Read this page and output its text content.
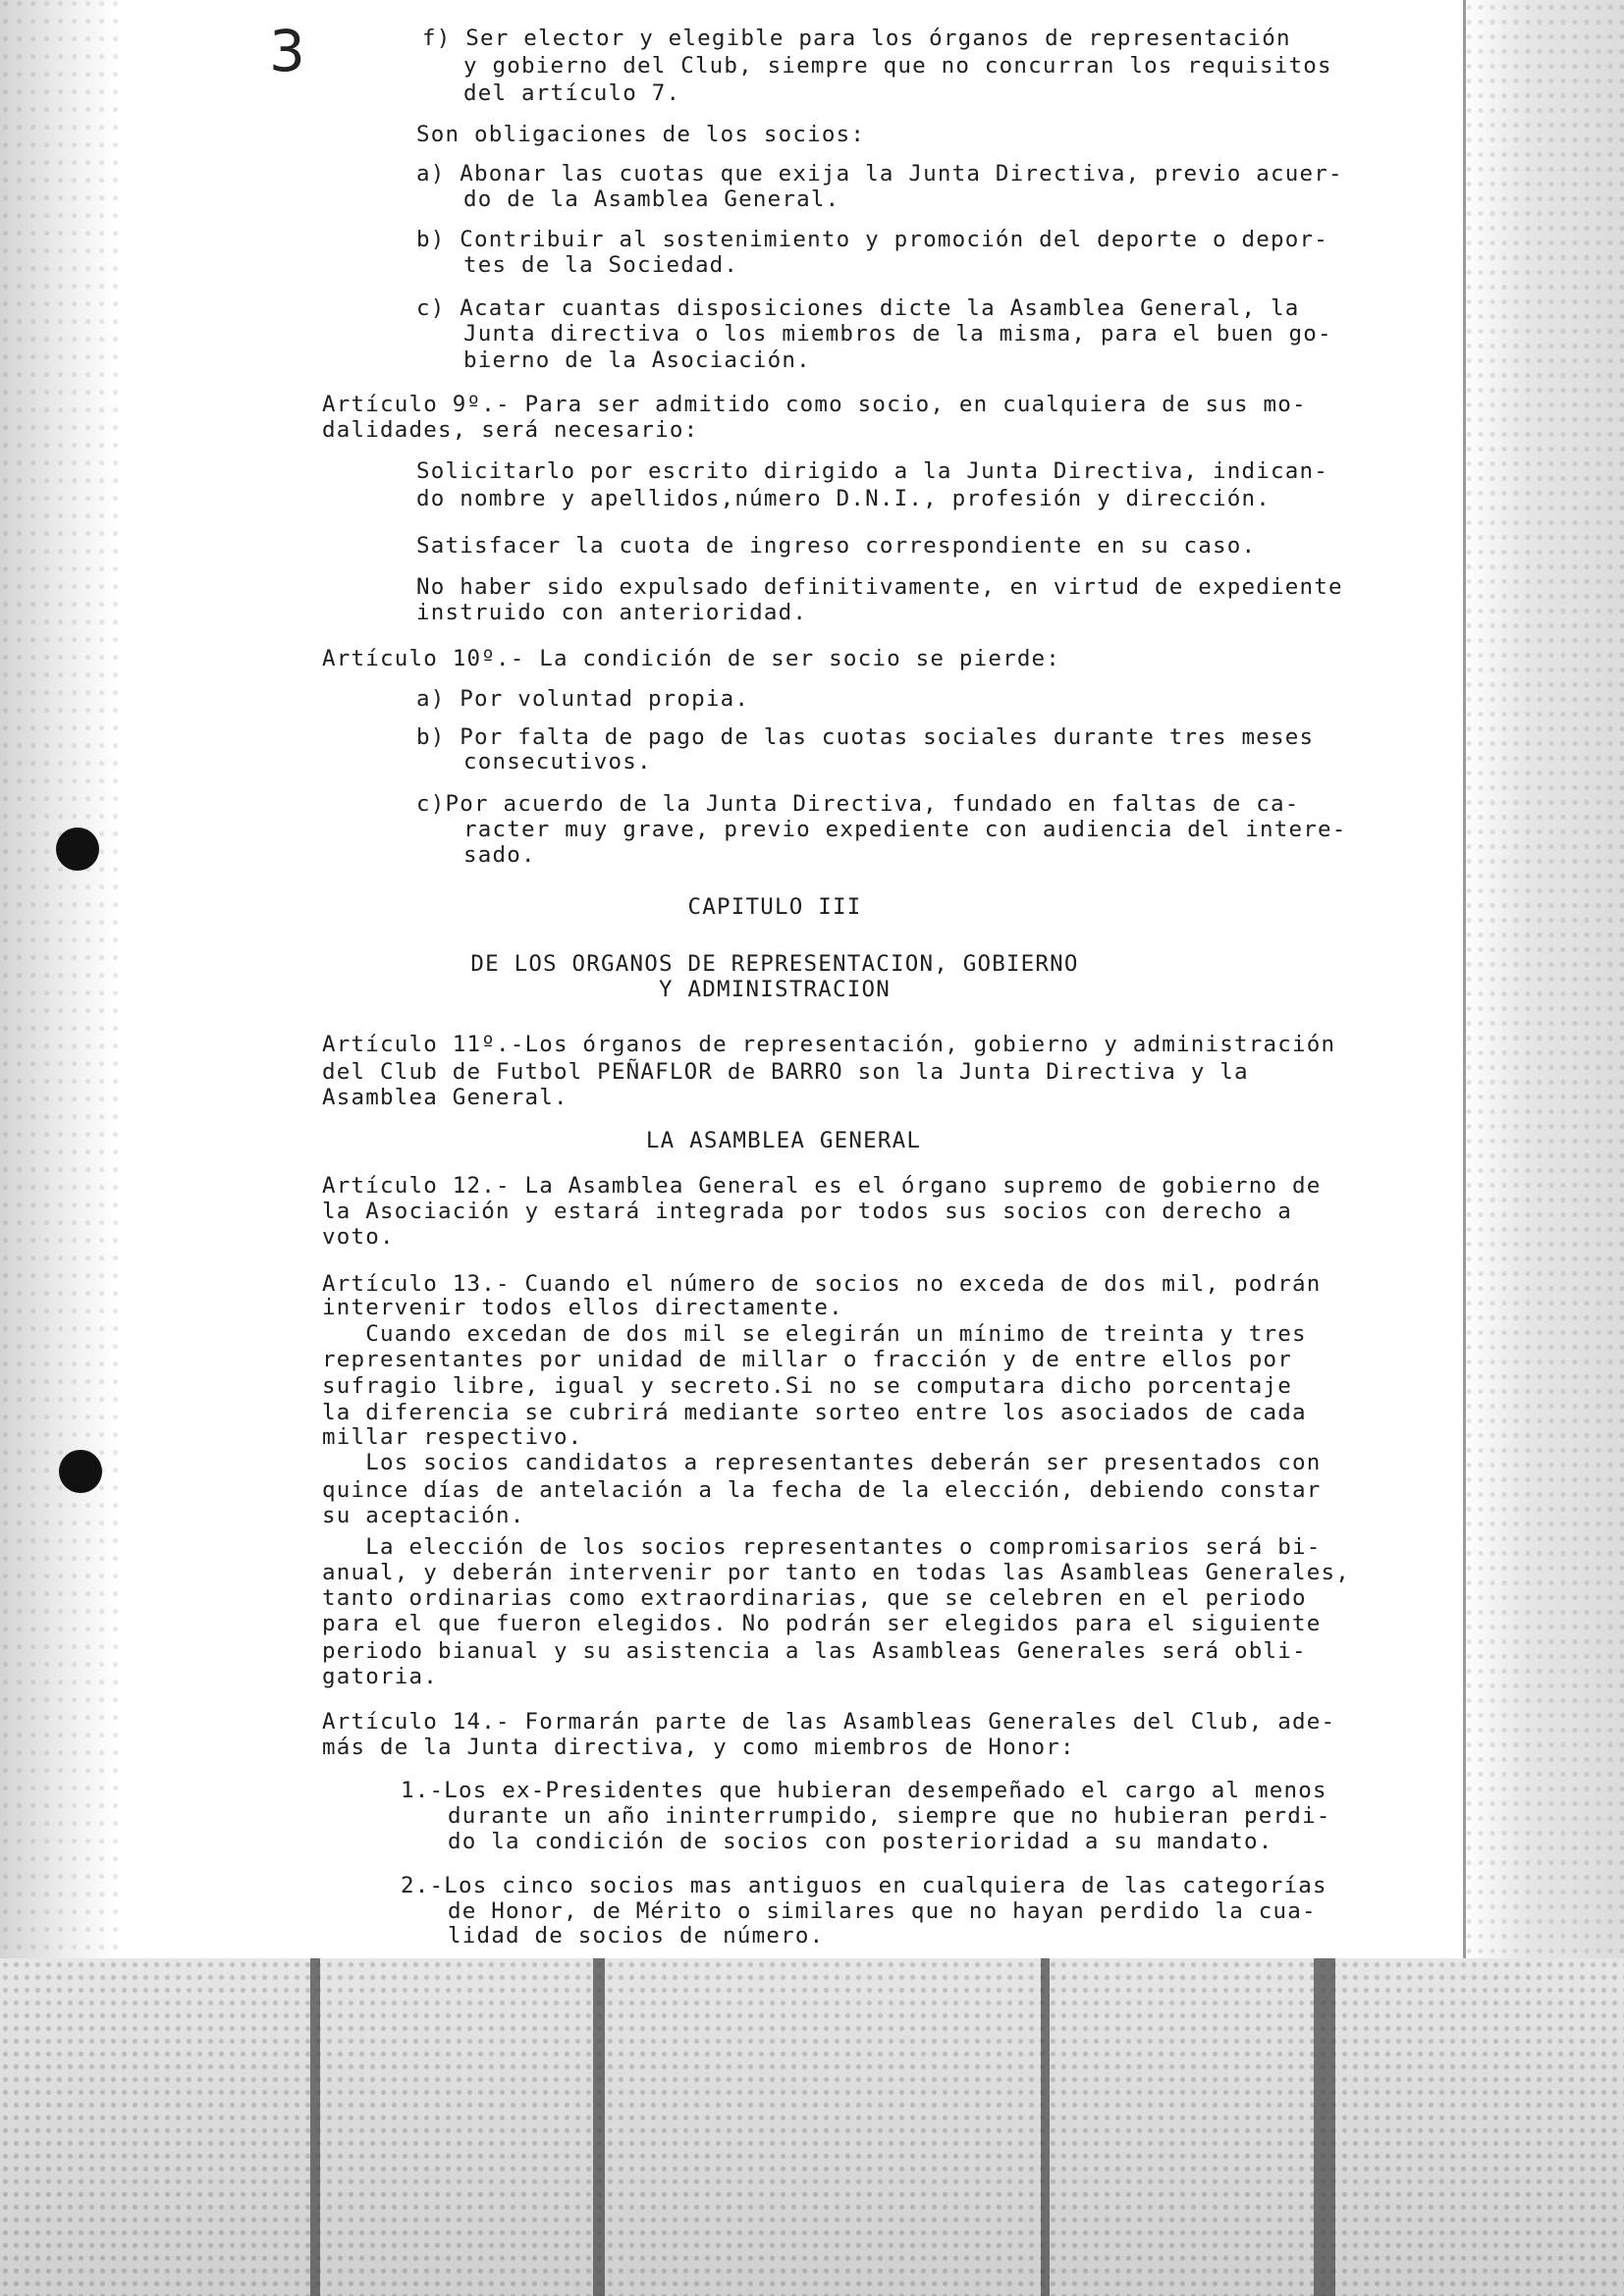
3	f) Ser elector y elegible para los órganos de representación
y gobierno del Club, siempre que no concurran los requisitos
del artículo 7.
Son obligaciones de los socios:
a) Abonar las cuotas que exija la Junta Directiva, previo acuer-
do de la Asamblea General.
b) Contribuir al sostenimiento y promoción del deporte o depor-
tes de la Sociedad.
c) Acatar cuantas disposiciones dicte la Asamblea General, la
Junta directiva o los miembros de la misma, para el buen go-
bierno de la Asociación.
Artículo 9º.- Para ser admitido como socio, en cualquiera de sus mo-
dalidades, será necesario:
Solicitarlo por escrito dirigido a la Junta Directiva, indican-
do nombre y apellidos,número D.N.I., profesión y dirección.
Satisfacer la cuota de ingreso correspondiente en su caso.
No haber sido expulsado definitivamente, en virtud de expediente
instruido con anterioridad.
Artículo 10º.- La condición de ser socio se pierde:
a) Por voluntad propia.
b) Por falta de pago de las cuotas sociales durante tres meses
consecutivos.
c)Por acuerdo de la Junta Directiva, fundado en faltas de ca-
racter muy grave, previo expediente con audiencia del intere-
sado.
CAPITULO III
DE LOS ORGANOS DE REPRESENTACION, GOBIERNO
Y ADMINISTRACION
Artículo 11º.-Los órganos de representación, gobierno y administración
del Club de Futbol PEÑAFLOR de BARRO son la Junta Directiva y la
Asamblea General.
LA ASAMBLEA GENERAL
Artículo 12.- La Asamblea General es el órgano supremo de gobierno de
la Asociación y estará integrada por todos sus socios con derecho a
voto.
Artículo 13.- Cuando el número de socios no exceda de dos mil, podrán
intervenir todos ellos directamente.
Cuando excedan de dos mil se elegirán un mínimo de treinta y tres
representantes por unidad de millar o fracción y de entre ellos por
sufragio libre, igual y secreto.Si no se computara dicho porcentaje
la diferencia se cubrirá mediante sorteo entre los asociados de cada
millar respectivo.
Los socios candidatos a representantes deberán ser presentados con
quince días de antelación a la fecha de la elección, debiendo constar
su aceptación.
La elección de los socios representantes o compromisarios será bi-
anual, y deberán intervenir por tanto en todas las Asambleas Generales,
tanto ordinarias como extraordinarias, que se celebren en el periodo
para el que fueron elegidos. No podrán ser elegidos para el siguiente
periodo bianual y su asistencia a las Asambleas Generales será obli-
gatoria.
Artículo 14.- Formarán parte de las Asambleas Generales del Club, ade-
más de la Junta directiva, y como miembros de Honor:
1.-Los ex-Presidentes que hubieran desempeñado el cargo al menos
durante un año ininterrumpido, siempre que no hubieran perdi-
do la condición de socios con posterioridad a su mandato.
2.-Los cinco socios mas antiguos en cualquiera de las categorías
de Honor, de Mérito o similares que no hayan perdido la cua-
lidad de socios de número.
